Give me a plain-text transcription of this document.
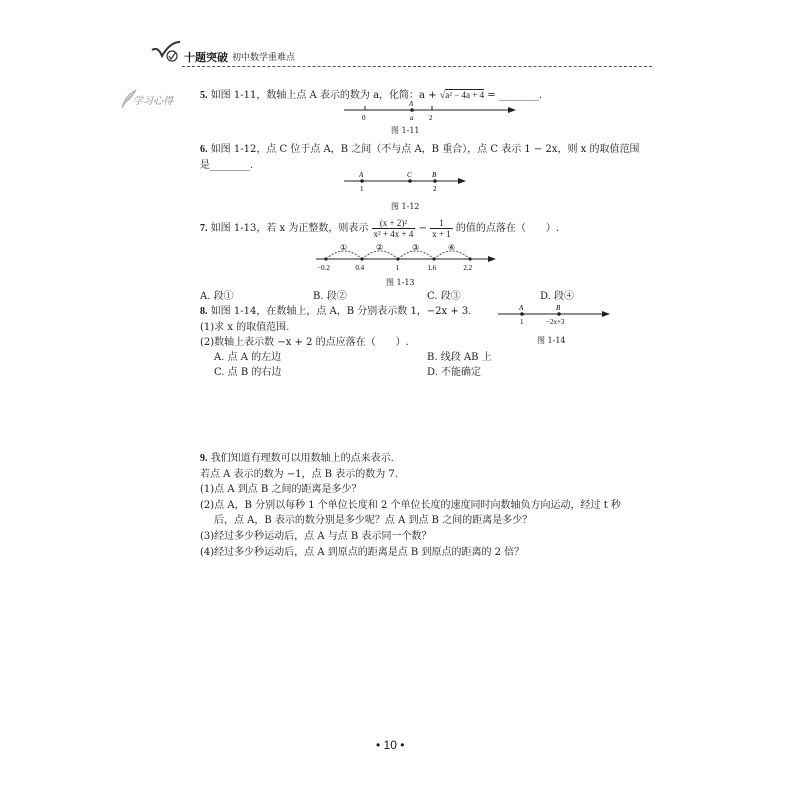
十题突破 初中数学重难点
学习心得
5. 如图 1-11，数轴上点 A 表示的数为 a，化简：a + √a² − 4a + 4 = ________.
A
0	a 2
图 1-11
6. 如图 1-12，点 C 位于点 A，B 之间（不与点 A，B 重合），点 C 表示 1 − 2x，则 x 的取值范围
是________.
A	C	B
1	2
图 1-12
7. 如图 1-13，若 x 为正整数，则表示 $\frac{\text{(x + 2)²}}{\text{x² + 4x + 4}} - \frac{1}{x + 1}$ 的值的点落在（　　）.
−0.2	0.4	1	1.6	2.2
①	②	③	④
图 1-13
A. 段①	B. 段②	C. 段③	D. 段④
8. 如图 1-14，在数轴上，点 A，B 分别表示数 1，−2x + 3.
(1)求 x 的取值范围.
(2)数轴上表示数 −x + 2 的点应落在（　　）.
A. 点 A 的左边	B. 线段 AB 上
C. 点 B 的右边	D. 不能确定
A	B
1	−2x+3
图 1-14
9. 我们知道有理数可以用数轴上的点来表示.
若点 A 表示的数为 −1，点 B 表示的数为 7.
(1)点 A 到点 B 之间的距离是多少？
(2)点 A，B 分别以每秒 1 个单位长度和 2 个单位长度的速度同时向数轴负方向运动，经过 t 秒
后，点 A，B 表示的数分别是多少呢？点 A 到点 B 之间的距离是多少？
(3)经过多少秒运动后，点 A 与点 B 表示同一个数？
(4)经过多少秒运动后，点 A 到原点的距离是点 B 到原点的距离的 2 倍？
• 10 •
